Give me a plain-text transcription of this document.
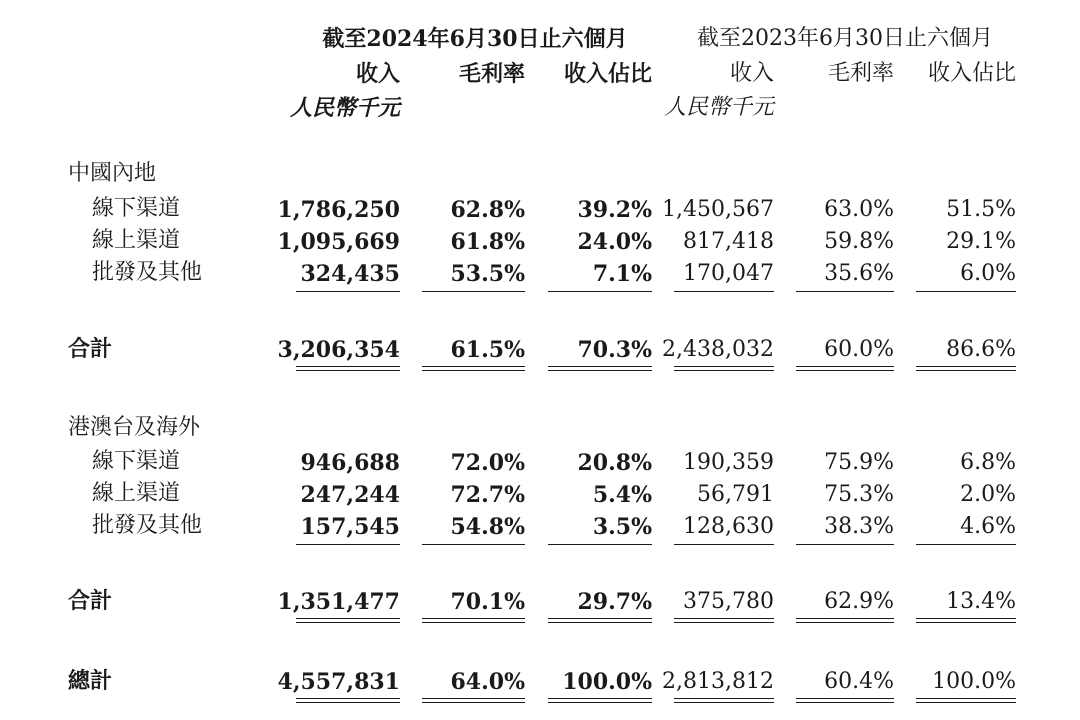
截至2024年6月30日止六個月	截至2023年6月30日止六個月
收入	毛利率 收入佔比	收入 毛利率 收入佔比
人民幣千元	人民幣千元
中國內地
線下渠道	1,786,250 62.8% 39.2% 1,450,567 63.0% 51.5%
線上渠道	1,095,669 61.8% 24.0% 817,418 59.8% 29.1%
批發及其他	324,435 53.5%	7.1% 170,047 35.6%	6.0%
合計	3,206,354 61.5% 70.3% 2,438,032 60.0% 86.6%
港澳台及海外
線下渠道	946,688 72.0% 20.8% 190,359 75.9%	6.8%
線上渠道	247,244 72.7%	5.4% 56,791 75.3%	2.0%
批發及其他	157,545 54.8%	3.5% 128,630 38.3%	4.6%
合計	1,351,477 70.1% 29.7% 375,780 62.9% 13.4%
總計	4,557,831 64.0% 100.0% 2,813,812 60.4% 100.0%
